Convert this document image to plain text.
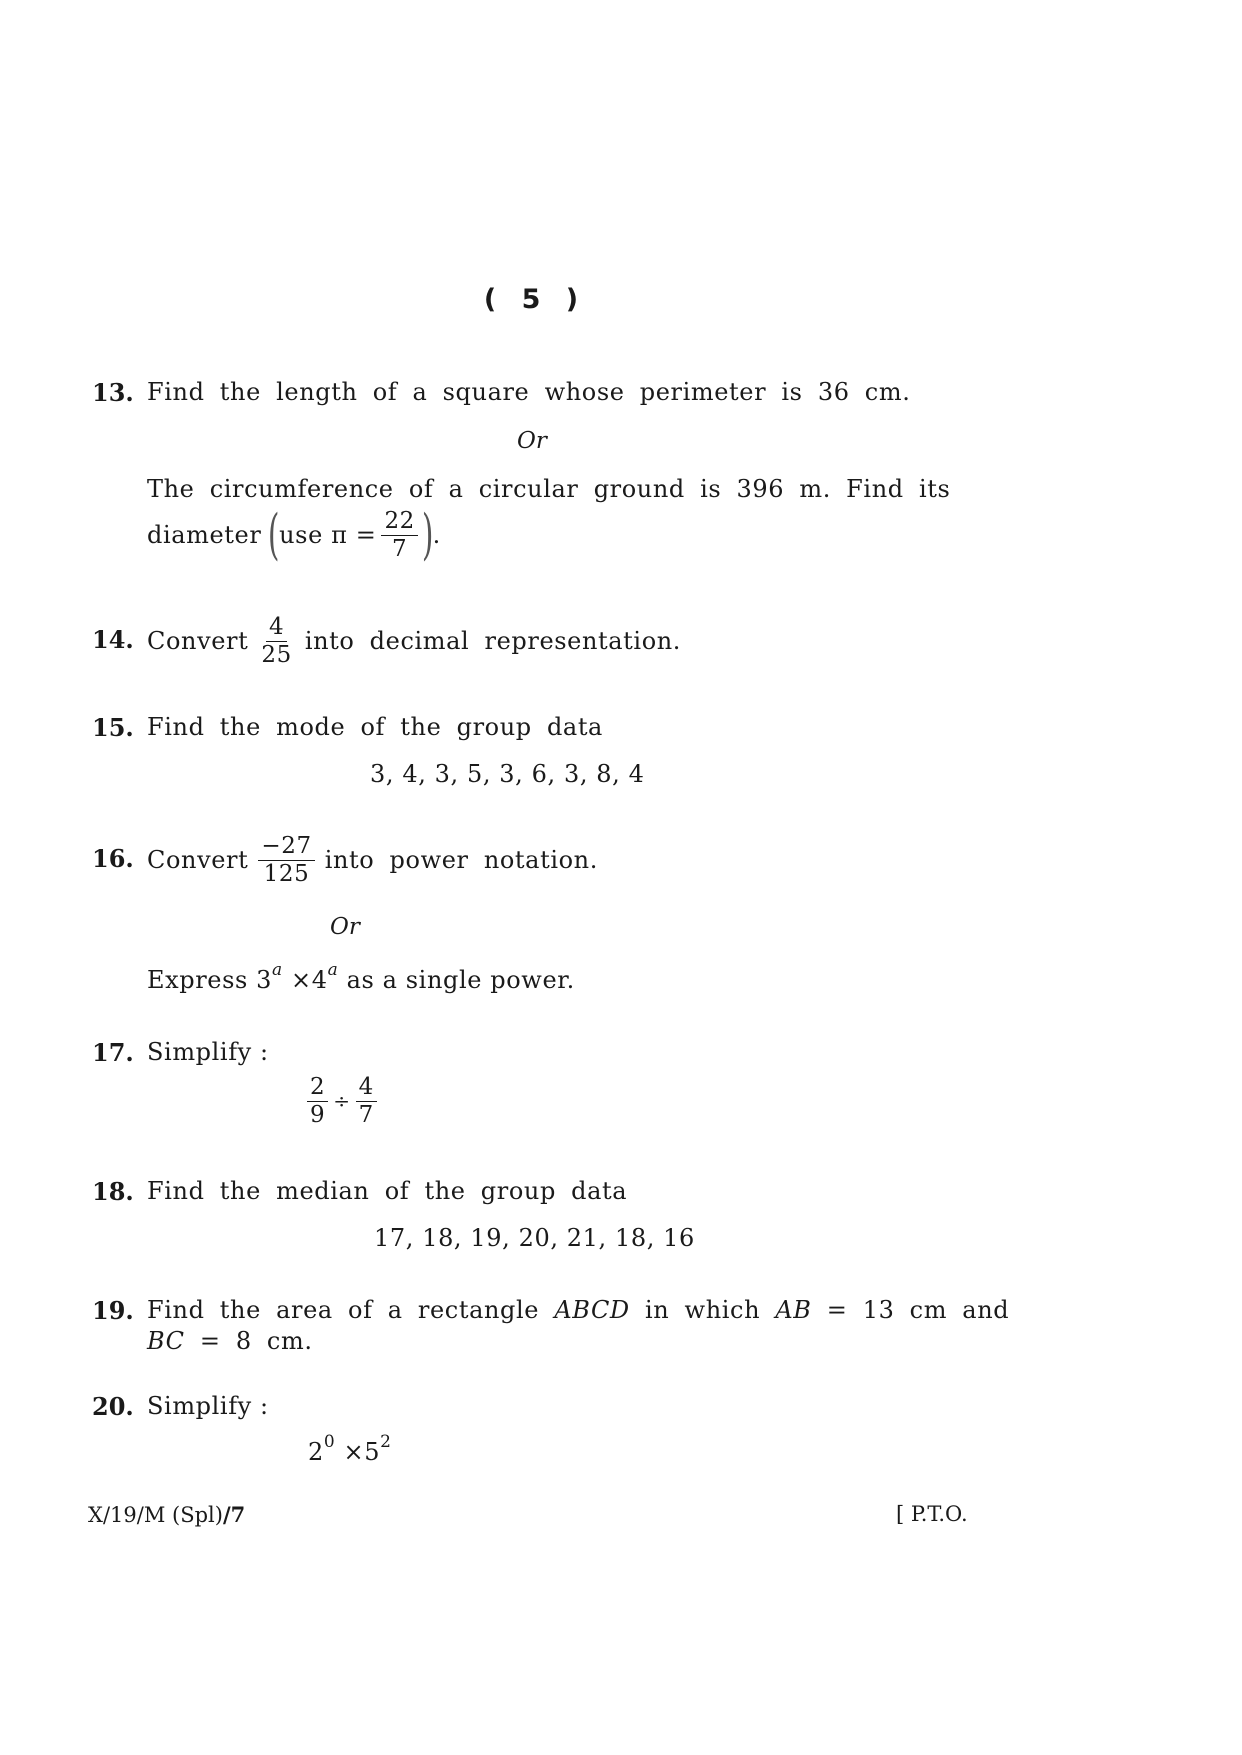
( 5 )
13. Find the length of a square whose perimeter is 36 cm.
Or
The circumference of a circular ground is 396 m. Find its
diameter (
use
$\pi = \frac{22}{7}$ )
.
14. Convert $\frac{4}{25}$ into decimal representation.
15. Find the mode of the group data
3, 4, 3, 5, 3, 6, 3, 8, 4
16. Convert $\frac{-27}{125}$ into power notation.
Or
Express $3^a \times 4^a$ as a single power.
17. Simplify :
$\frac{2}{9} \div \frac{4}{7}$
18. Find the median of the group data
17, 18, 19, 20, 21, 18, 16
19. Find the area of a rectangle ABCD in which AB = 13 cm and
BC = 8 cm.
20. Simplify :
$2^0 \times 5^2$
X/19/M (Spl)/7	[ P.T.O.
